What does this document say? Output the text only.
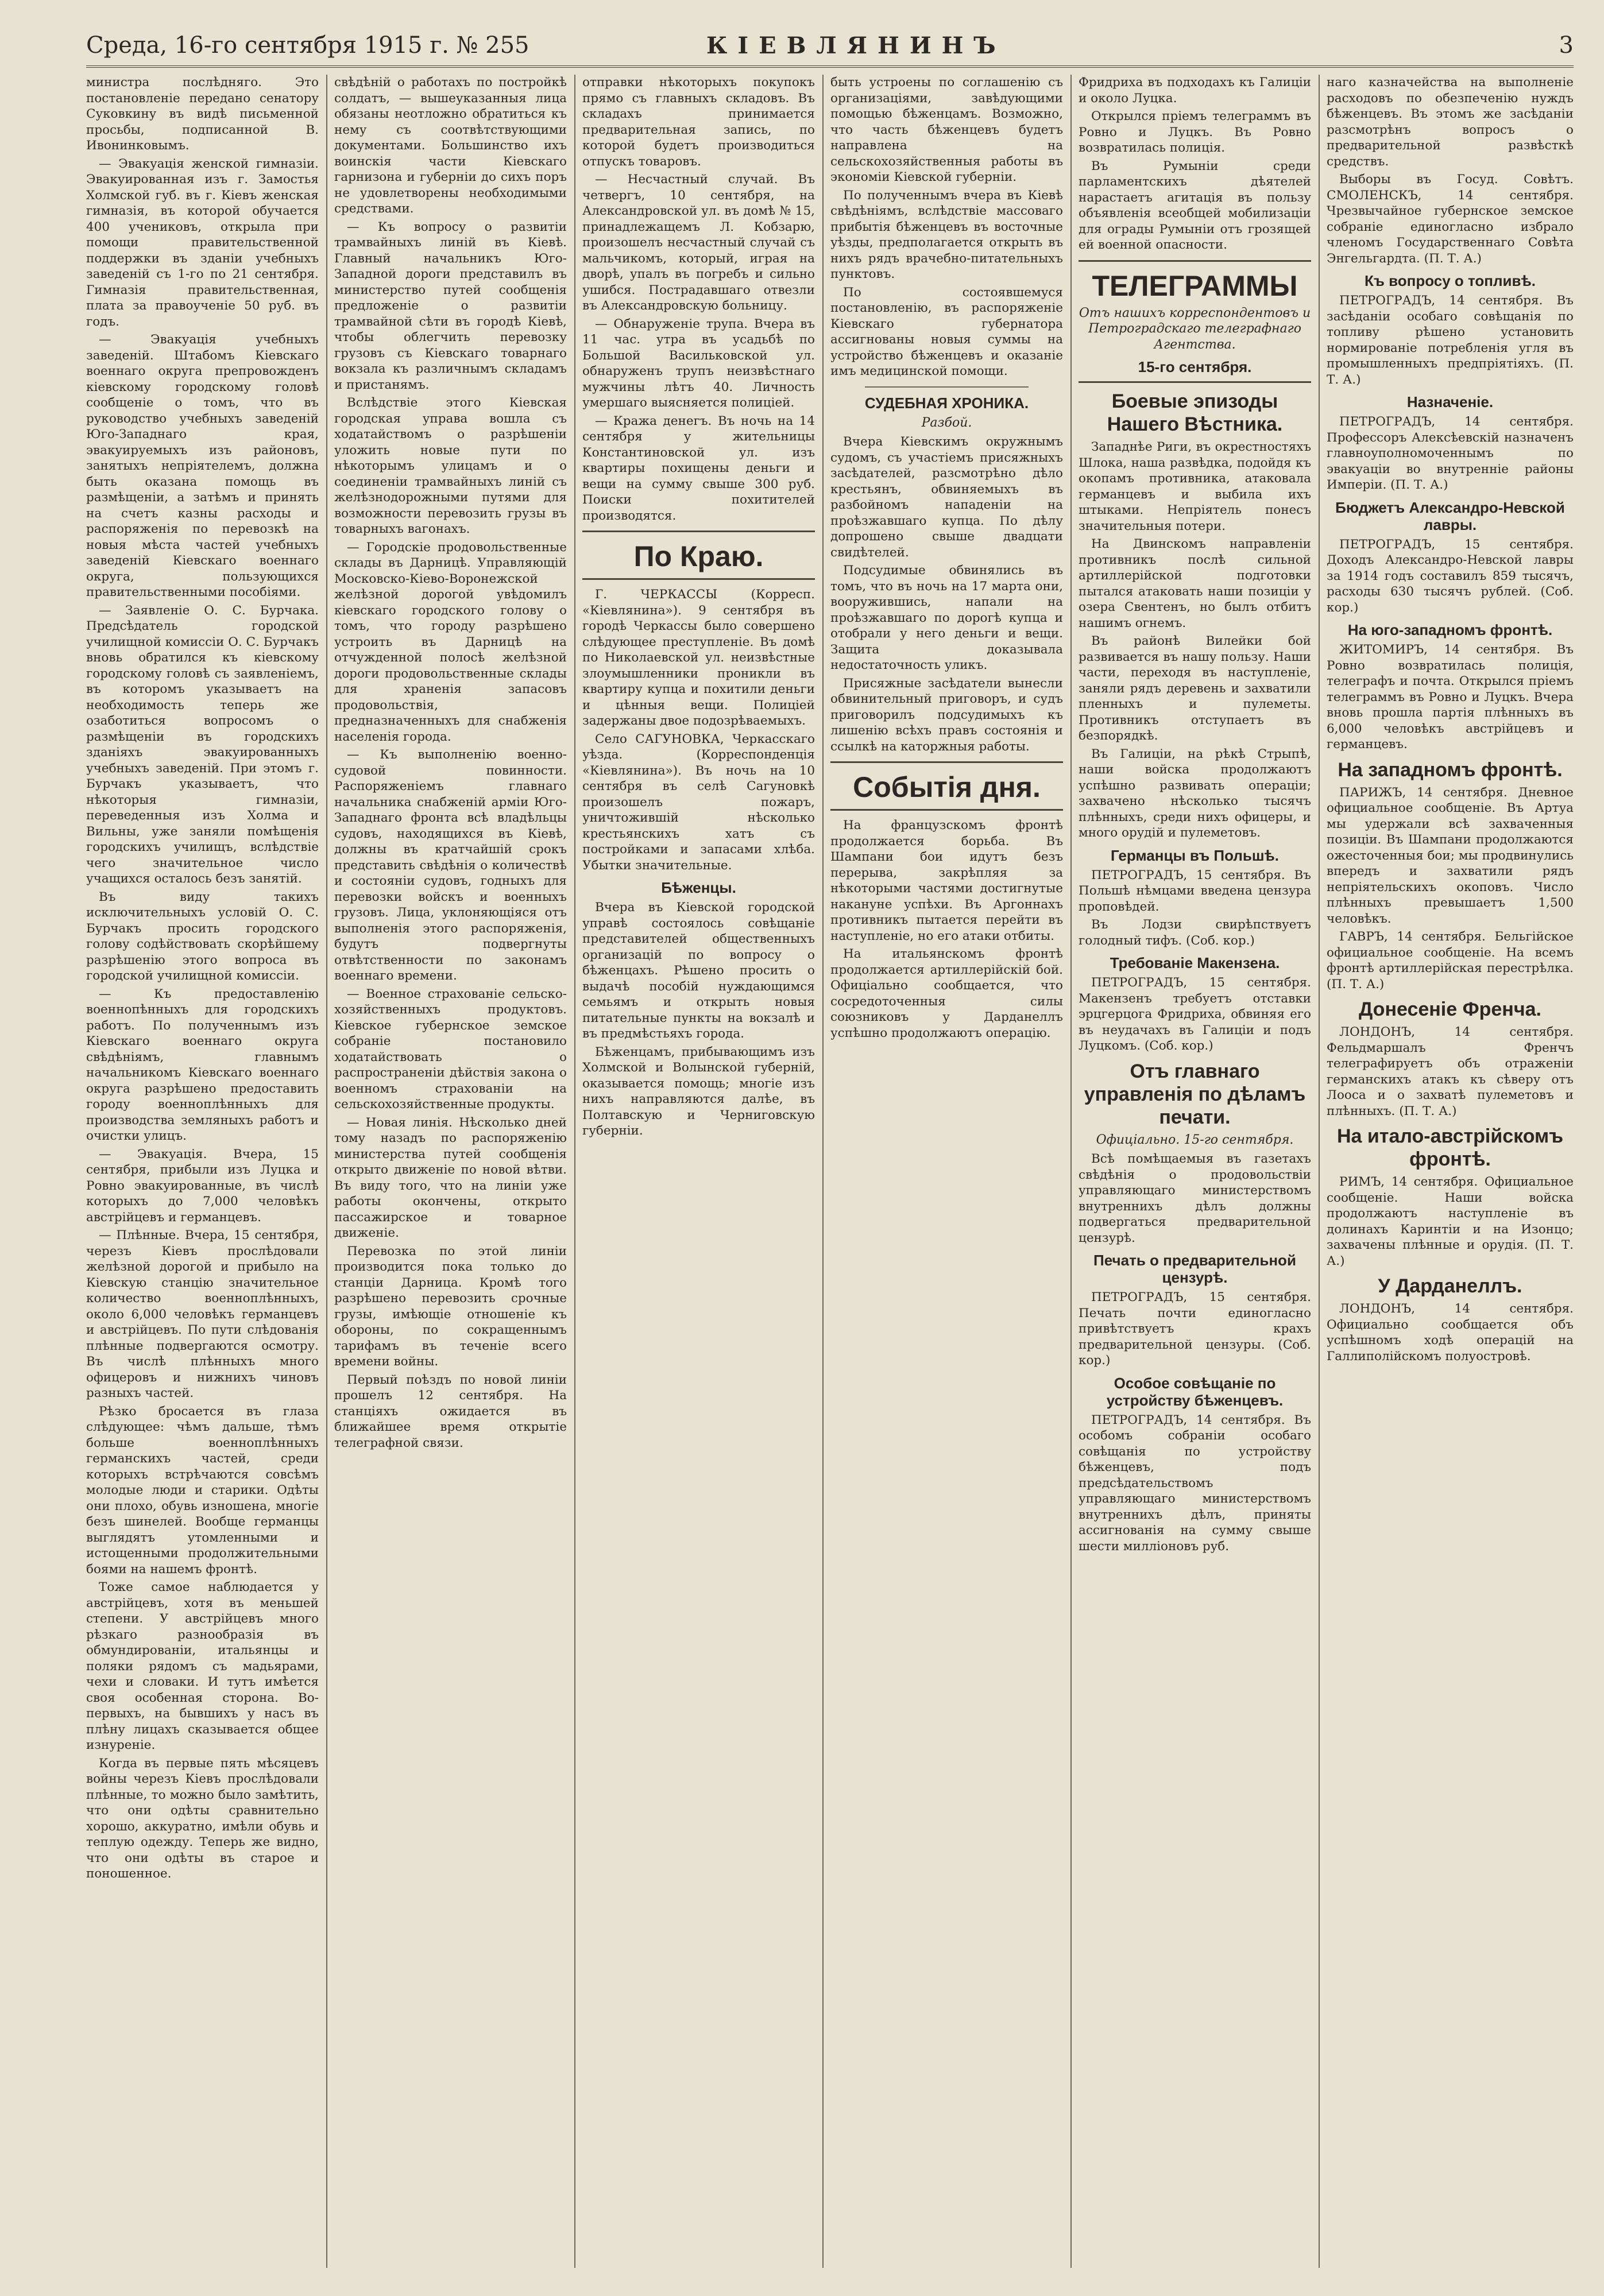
Среда, 16-го сентября 1915 г. № 255	КІЕВЛЯНИНЪ	3

министра послѣдняго. Это постановленіе передано сенатору Суковкину въ видѣ письменной просьбы, подписанной В. Ивонинковымъ.

— Эвакуація женской гимназіи. Эвакуированная изъ г. Замостья Холмской губ. въ г. Кіевъ женская гимназія, въ которой обучается 400 учениковъ, открыла при помощи правительственной поддержки въ зданіи учебныхъ заведеній съ 1-го по 21 сентября. Гимназія правительственная, плата за правоученіе 50 руб. въ годъ.

— Эвакуація учебныхъ заведеній. Штабомъ Кіевскаго военнаго округа препровожденъ кіевскому городскому головѣ сообщеніе о томъ, что въ руководство учебныхъ заведеній Юго-Западнаго края, эвакуируемыхъ изъ районовъ, занятыхъ непріятелемъ, должна быть оказана помощь въ размѣщеніи, а затѣмъ и принять на счетъ казны расходы и распоряженія по перевозкѣ на новыя мѣста частей учебныхъ заведеній Кіевскаго военнаго округа, пользующихся правительственными пособіями.

— Заявленіе О. С. Бурчака. Предсѣдатель городской училищной комиссіи О. С. Бурчакъ вновь обратился къ кіевскому городскому головѣ съ заявленіемъ, въ которомъ указываетъ на необходимость теперь же озаботиться вопросомъ о размѣщеніи въ городскихъ зданіяхъ эвакуированныхъ учебныхъ заведеній. При этомъ г. Бурчакъ указываетъ, что нѣкоторыя гимназіи, переведенныя изъ Холма и Вильны, уже заняли помѣщенія городскихъ училищъ, вслѣдствіе чего значительное число учащихся осталось безъ занятій.

Въ виду такихъ исключительныхъ условій О. С. Бурчакъ просить городского голову содѣйствовать скорѣйшему разрѣшенію этого вопроса въ городской училищной комиссіи.

— Къ предоставленію военнопѣнныхъ для городскихъ работъ. По полученнымъ изъ Кіевскаго военнаго округа свѣдѣніямъ, главнымъ начальникомъ Кіевскаго военнаго округа разрѣшено предоставить городу военноплѣнныхъ для производства земляныхъ работъ и очистки улицъ.

— Эвакуація. Вчера, 15 сентября, прибыли изъ Луцка и Ровно эвакуированные, въ числѣ которыхъ до 7,000 человѣкъ австрійцевъ и германцевъ.

— Плѣнные. Вчера, 15 сентября, черезъ Кіевъ прослѣдовали желѣзной дорогой и прибыло на Кіевскую станцію значительное количество военноплѣнныхъ, около 6,000 человѣкъ германцевъ и австрійцевъ. По пути слѣдованія плѣнные подвергаются осмотру. Въ числѣ плѣнныхъ много офицеровъ и нижнихъ чиновъ разныхъ частей.

Рѣзко бросается въ глаза слѣдующее: чѣмъ дальше, тѣмъ больше военноплѣнныхъ германскихъ частей, среди которыхъ встрѣчаются совсѣмъ молодые люди и старики. Одѣты они плохо, обувь изношена, многіе безъ шинелей. Вообще германцы выглядятъ утомленными и истощенными продолжительными боями на нашемъ фронтѣ.

Тоже самое наблюдается у австрійцевъ, хотя въ меньшей степени. У австрійцевъ много рѣзкаго разнообразія въ обмундированіи, итальянцы и поляки рядомъ съ мадьярами, чехи и словаки. И тутъ имѣется своя особенная сторона. Во-первыхъ, на бывшихъ у насъ въ плѣну лицахъ сказывается общее изнуреніе.

Когда въ первые пять мѣсяцевъ войны черезъ Кіевъ прослѣдовали плѣнные, то можно было замѣтить, что они одѣты сравнительно хорошо, аккуратно, имѣли обувь и теплую одежду. Теперь же видно, что они одѣты въ старое и поношенное.

свѣдѣній о работахъ по постройкѣ солдатъ, — вышеуказанныя лица обязаны неотложно обратиться къ нему съ соотвѣтствующими документами. Большинство ихъ воинскія части Кіевскаго гарнизона и губерніи до сихъ поръ не удовлетворены необходимыми средствами.

— Къ вопросу о развитіи трамвайныхъ линій въ Кіевѣ. Главный начальникъ Юго-Западной дороги представилъ въ министерство путей сообщенія предложеніе о развитіи трамвайной сѣти въ городѣ Кіевѣ, чтобы облегчить перевозку грузовъ съ Кіевскаго товарнаго вокзала къ различнымъ складамъ и пристанямъ.

Вслѣдствіе этого Кіевская городская управа вошла съ ходатайствомъ о разрѣшеніи уложить новые пути по нѣкоторымъ улицамъ и о соединеніи трамвайныхъ линій съ желѣзнодорожными путями для возможности перевозить грузы въ товарныхъ вагонахъ.

— Городскіе продовольственные склады въ Дарницѣ. Управляющій Московско-Кіево-Воронежской желѣзной дорогой увѣдомилъ кіевскаго городского голову о томъ, что городу разрѣшено устроить въ Дарницѣ на отчужденной полосѣ желѣзной дороги продовольственные склады для храненія запасовъ продовольствія, предназначенныхъ для снабженія населенія города.

— Къ выполненію военно-судовой повинности. Распоряженіемъ главнаго начальника снабженій арміи Юго-Западнаго фронта всѣ владѣльцы судовъ, находящихся въ Кіевѣ, должны въ кратчайшій срокъ представить свѣдѣнія о количествѣ и состояніи судовъ, годныхъ для перевозки войскъ и военныхъ грузовъ. Лица, уклоняющіяся отъ выполненія этого распоряженія, будутъ подвергнуты отвѣтственности по законамъ военнаго времени.

— Военное страхованіе сельско-хозяйственныхъ продуктовъ. Кіевское губернское земское собраніе постановило ходатайствовать о распространеніи дѣйствія закона о военномъ страхованіи на сельскохозяйственные продукты.

— Новая линія. Нѣсколько дней тому назадъ по распоряженію министерства путей сообщенія открыто движеніе по новой вѣтви. Въ виду того, что на линіи уже работы окончены, открыто пассажирское и товарное движеніе.

Перевозка по этой линіи производится пока только до станціи Дарница. Кромѣ того разрѣшено перевозить срочные грузы, имѣющіе отношеніе къ обороны, по сокращеннымъ тарифамъ въ теченіе всего времени войны.

Первый поѣздъ по новой линіи прошелъ 12 сентября. На станціяхъ ожидается въ ближайшее время открытіе телеграфной связи.

отправки нѣкоторыхъ покупокъ прямо съ главныхъ складовъ. Въ складахъ принимается предварительная запись, по которой будетъ производиться отпускъ товаровъ.

— Несчастный случай. Въ четвергъ, 10 сентября, на Александровской ул. въ домѣ № 15, принадлежащемъ Л. Кобзарю, произошелъ несчастный случай съ мальчикомъ, который, играя на дворѣ, упалъ въ погребъ и сильно ушибся. Пострадавшаго отвезли въ Александровскую больницу.

— Обнаруженіе трупа. Вчера въ 11 час. утра въ усадьбѣ по Большой Васильковской ул. обнаруженъ трупъ неизвѣстнаго мужчины лѣтъ 40. Личность умершаго выясняется полиціей.

— Кража денегъ. Въ ночь на 14 сентября у жительницы Константиновской ул. изъ квартиры похищены деньги и вещи на сумму свыше 300 руб. Поиски похитителей производятся.

По Краю.

Г. ЧЕРКАССЫ (Корресп. «Кіевлянина»). 9 сентября въ городѣ Черкассы было совершено слѣдующее преступленіе. Въ домѣ по Николаевской ул. неизвѣстные злоумышленники проникли въ квартиру купца и похитили деньги и цѣнныя вещи. Полиціей задержаны двое подозрѣваемыхъ.

Село САГУНОВКА, Черкасскаго уѣзда. (Корреспонденція «Кіевлянина»). Въ ночь на 10 сентября въ селѣ Сагуновкѣ произошелъ пожаръ, уничтожившій нѣсколько крестьянскихъ хатъ съ постройками и запасами хлѣба. Убытки значительные.

Бѣженцы.

Вчера въ Кіевской городской управѣ состоялось совѣщаніе представителей общественныхъ организацій по вопросу о бѣженцахъ. Рѣшено просить о выдачѣ пособій нуждающимся семьямъ и открыть новыя питательные пункты на вокзалѣ и въ предмѣстьяхъ города.

Бѣженцамъ, прибывающимъ изъ Холмской и Волынской губерній, оказывается помощь; многіе изъ нихъ направляются далѣе, въ Полтавскую и Черниговскую губерніи.

быть устроены по соглашенію съ организаціями, завѣдующими помощью бѣженцамъ. Возможно, что часть бѣженцевъ будетъ направлена на сельскохозяйственныя работы въ экономіи Кіевской губерніи.

По полученнымъ вчера въ Кіевѣ свѣдѣніямъ, вслѣдствіе массоваго прибытія бѣженцевъ въ восточные уѣзды, предполагается открыть въ нихъ рядъ врачебно-питательныхъ пунктовъ.

По состоявшемуся постановленію, въ распоряженіе Кіевскаго губернатора ассигнованы новыя суммы на устройство бѣженцевъ и оказаніе имъ медицинской помощи.

СУДЕБНАЯ ХРОНИКА.
Разбой.

Вчера Кіевскимъ окружнымъ судомъ, съ участіемъ присяжныхъ засѣдателей, разсмотрѣно дѣло крестьянъ, обвиняемыхъ въ разбойномъ нападеніи на проѣзжавшаго купца. По дѣлу допрошено свыше двадцати свидѣтелей.

Подсудимые обвинялись въ томъ, что въ ночь на 17 марта они, вооружившись, напали на проѣзжавшаго по дорогѣ купца и отобрали у него деньги и вещи. Защита доказывала недостаточность уликъ.

Присяжные засѣдатели вынесли обвинительный приговоръ, и судъ приговорилъ подсудимыхъ къ лишенію всѣхъ правъ состоянія и ссылкѣ на каторжныя работы.

Событія дня.

На французскомъ фронтѣ продолжается борьба. Въ Шампани бои идутъ безъ перерыва, закрѣпляя за нѣкоторыми частями достигнутые накануне успѣхи. Въ Аргоннахъ противникъ пытается перейти въ наступленіе, но его атаки отбиты.

На итальянскомъ фронтѣ продолжается артиллерійскій бой. Офиціально сообщается, что сосредоточенныя силы союзниковъ у Дарданеллъ успѣшно продолжаютъ операцію.

Фридриха въ подходахъ къ Галиціи и около Луцка.

Открылся пріемъ телеграммъ въ Ровно и Луцкъ. Въ Ровно возвратилась полиція.

Въ Румыніи среди парламентскихъ дѣятелей нарастаетъ агитація въ пользу объявленія всеобщей мобилизаціи для ограды Румыніи отъ грозящей ей военной опасности.

ТЕЛЕГРАММЫ
Отъ нашихъ корреспондентовъ и Петроградскаго телеграфнаго Агентства.
15-го сентября.
Боевые эпизоды Нашего Вѣстника.

Западнѣе Риги, въ окрестностяхъ Шлока, наша развѣдка, подойдя къ окопамъ противника, атаковала германцевъ и выбила ихъ штыками. Непріятель понесъ значительныя потери.

На Двинскомъ направленіи противникъ послѣ сильной артиллерійской подготовки пытался атаковать наши позиціи у озера Свентенъ, но былъ отбитъ нашимъ огнемъ.

Въ районѣ Вилейки бой развивается въ нашу пользу. Наши части, переходя въ наступленіе, заняли рядъ деревень и захватили пленныхъ и пулеметы. Противникъ отступаетъ въ безпорядкѣ.

Въ Галиціи, на рѣкѣ Стрыпѣ, наши войска продолжаютъ успѣшно развивать операціи; захвачено нѣсколько тысячъ плѣнныхъ, среди нихъ офицеры, и много орудій и пулеметовъ.

Германцы въ Польшѣ.

ПЕТРОГРАДЪ, 15 сентября. Въ Польшѣ нѣмцами введена цензура проповѣдей.

Въ Лодзи свирѣпствуетъ голодный тифъ. (Соб. кор.)

Требованіе Макензена.

ПЕТРОГРАДЪ, 15 сентября. Макензенъ требуетъ отставки эрцгерцога Фридриха, обвиняя его въ неудачахъ въ Галиціи и подъ Луцкомъ. (Соб. кор.)

Отъ главнаго управленія по дѣламъ печати.
Офиціально. 15-го сентября.

Всѣ помѣщаемыя въ газетахъ свѣдѣнія о продовольствіи управляющаго министерствомъ внутреннихъ дѣлъ должны подвергаться предварительной цензурѣ.

Печать о предварительной цензурѣ.

ПЕТРОГРАДЪ, 15 сентября. Печать почти единогласно привѣтствуетъ крахъ предварительной цензуры. (Соб. кор.)

Особое совѣщаніе по устройству бѣженцевъ.

ПЕТРОГРАДЪ, 14 сентября. Въ особомъ собраніи особаго совѣщанія по устройству бѣженцевъ, подъ предсѣдательствомъ управляющаго министерствомъ внутреннихъ дѣлъ, приняты ассигнованія на сумму свыше шести милліоновъ руб.

наго казначейства на выполненіе расходовъ по обезпеченію нуждъ бѣженцевъ. Въ этомъ же засѣданіи разсмотрѣнъ вопросъ о предварительной развѣсткѣ средствъ.

Выборы въ Госуд. Совѣтъ. СМОЛЕНСКЪ, 14 сентября. Чрезвычайное губернское земское собраніе единогласно избрало членомъ Государственнаго Совѣта Энгельгардта. (П. Т. А.)

Къ вопросу о топливѣ.

ПЕТРОГРАДЪ, 14 сентября. Въ засѣданіи особаго совѣщанія по топливу рѣшено установить нормированіе потребленія угля въ промышленныхъ предпріятіяхъ. (П. Т. А.)

Назначеніе.

ПЕТРОГРАДЪ, 14 сентября. Профессоръ Алексѣевскій назначенъ главноуполномоченнымъ по эвакуаціи во внутренніе районы Имперіи. (П. Т. А.)

Бюджетъ Александро-Невской лавры.

ПЕТРОГРАДЪ, 15 сентября. Доходъ Александро-Невской лавры за 1914 годъ составилъ 859 тысячъ, расходы 630 тысячъ рублей. (Соб. кор.)

На юго-западномъ фронтѣ.

ЖИТОМИРЪ, 14 сентября. Въ Ровно возвратилась полиція, телеграфъ и почта. Открылся пріемъ телеграммъ въ Ровно и Луцкъ. Вчера вновь прошла партія плѣнныхъ въ 6,000 человѣкъ австрійцевъ и германцевъ.

На западномъ фронтѣ.

ПАРИЖЪ, 14 сентября. Дневное официальное сообщеніе. Въ Артуа мы удержали всѣ захваченныя позиціи. Въ Шампани продолжаются ожесточенныя бои; мы продвинулись впередъ и захватили рядъ непріятельскихъ окоповъ. Число плѣнныхъ превышаетъ 1,500 человѣкъ.

ГАВРЪ, 14 сентября. Бельгійское официальное сообщеніе. На всемъ фронтѣ артиллерійская перестрѣлка. (П. Т. А.)

Донесеніе Френча.

ЛОНДОНЪ, 14 сентября. Фельдмаршалъ Френчъ телеграфируетъ объ отраженіи германскихъ атакъ къ сѣверу отъ Лооса и о захватѣ пулеметовъ и плѣнныхъ. (П. Т. А.)

На итало-австрійскомъ фронтѣ.

РИМЪ, 14 сентября. Официальное сообщеніе. Наши войска продолжаютъ наступленіе въ долинахъ Каринтіи и на Изонцо; захвачены плѣнные и орудія. (П. Т. А.)

У Дарданеллъ.

ЛОНДОНЪ, 14 сентября. Официально сообщается объ успѣшномъ ходѣ операцій на Галлиполійскомъ полуостровѣ.
